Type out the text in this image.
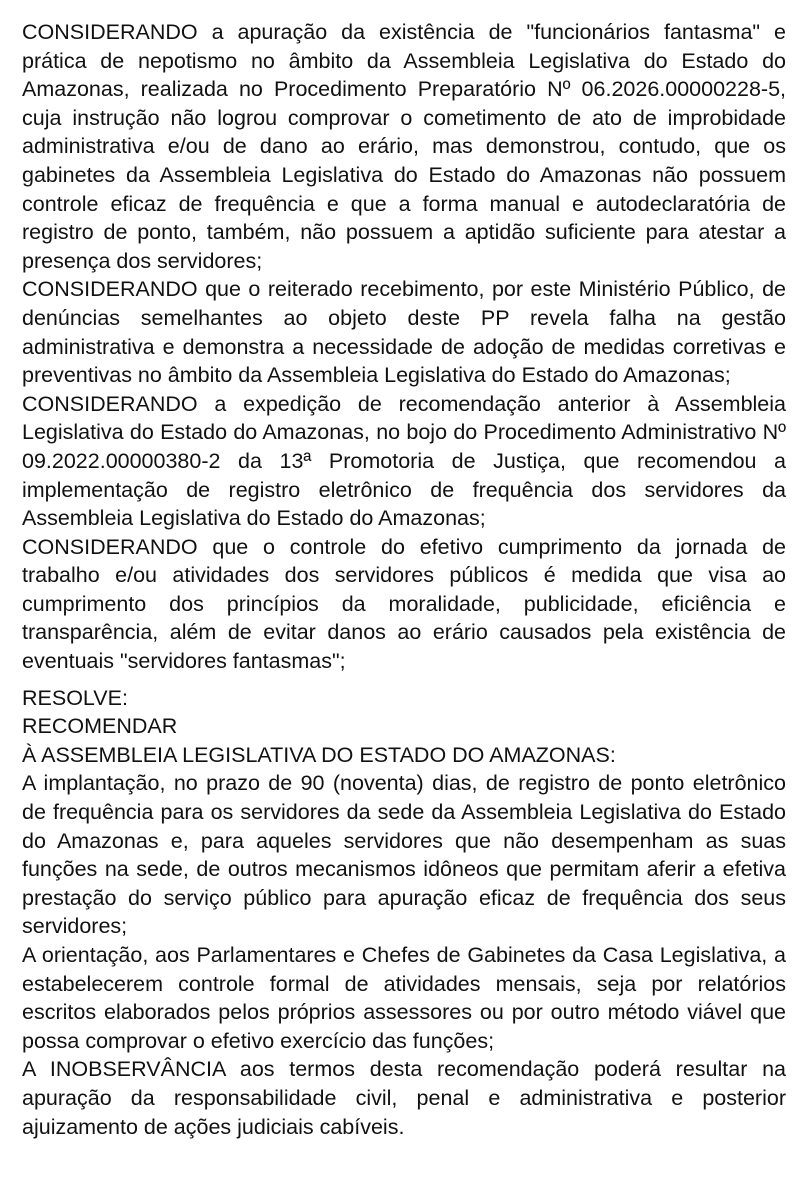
CONSIDERANDO a apuração da existência de "funcionários fantasma" e prática de nepotismo no âmbito da Assembleia Legislativa do Estado do Amazonas, realizada no Procedimento Preparatório Nº 06.2026.00000228-5, cuja instrução não logrou comprovar o cometimento de ato de improbidade administrativa e/ou de dano ao erário, mas demonstrou, contudo, que os gabinetes da Assembleia Legislativa do Estado do Amazonas não possuem controle eficaz de frequência e que a forma manual e autodeclaratória de registro de ponto, também, não possuem a aptidão suficiente para atestar a presença dos servidores;

CONSIDERANDO que o reiterado recebimento, por este Ministério Público, de denúncias semelhantes ao objeto deste PP revela falha na gestão administrativa e demonstra a necessidade de adoção de medidas corretivas e preventivas no âmbito da Assembleia Legislativa do Estado do Amazonas;

CONSIDERANDO a expedição de recomendação anterior à Assembleia Legislativa do Estado do Amazonas, no bojo do Procedimento Administrativo Nº 09.2022.00000380-2 da 13ª Promotoria de Justiça, que recomendou a implementação de registro eletrônico de frequência dos servidores da Assembleia Legislativa do Estado do Amazonas;

CONSIDERANDO que o controle do efetivo cumprimento da jornada de trabalho e/ou atividades dos servidores públicos é medida que visa ao cumprimento dos princípios da moralidade, publicidade, eficiência e transparência, além de evitar danos ao erário causados pela existência de eventuais "servidores fantasmas";

RESOLVE:

RECOMENDAR

À ASSEMBLEIA LEGISLATIVA DO ESTADO DO AMAZONAS:

A implantação, no prazo de 90 (noventa) dias, de registro de ponto eletrônico de frequência para os servidores da sede da Assembleia Legislativa do Estado do Amazonas e, para aqueles servidores que não desempenham as suas funções na sede, de outros mecanismos idôneos que permitam aferir a efetiva prestação do serviço público para apuração eficaz de frequência dos seus servidores;

A orientação, aos Parlamentares e Chefes de Gabinetes da Casa Legislativa, a estabelecerem controle formal de atividades mensais, seja por relatórios escritos elaborados pelos próprios assessores ou por outro método viável que possa comprovar o efetivo exercício das funções;

A INOBSERVÂNCIA aos termos desta recomendação poderá resultar na apuração da responsabilidade civil, penal e administrativa e posterior ajuizamento de ações judiciais cabíveis.
